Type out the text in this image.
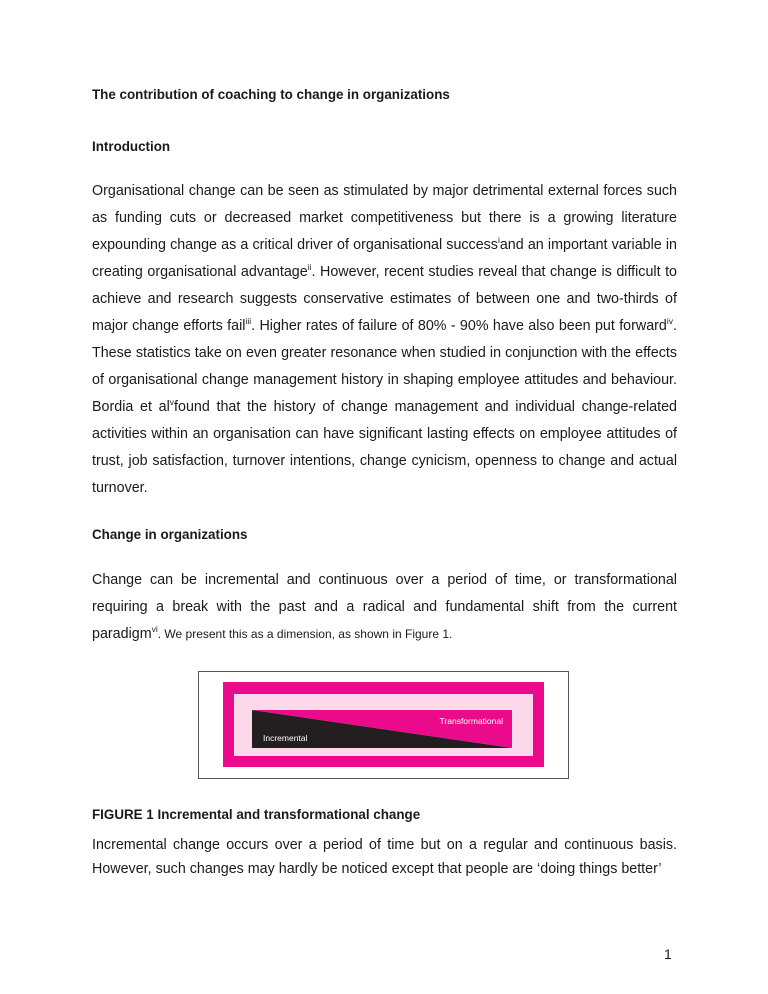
The contribution of coaching to change in organizations
Introduction

Organisational change can be seen as stimulated by major detrimental external forces such as funding cuts or decreased market competitiveness but there is a growing literature expounding change as a critical driver of organisational success$^i$and an important variable in creating organisational advantage$^{ii}$. However, recent studies reveal that change is difficult to achieve and research suggests conservative estimates of between one and two-thirds of major change efforts fail$^{iii}$. Higher rates of failure of 80% - 90% have also been put forward$^{iv}$. These statistics take on even greater resonance when studied in conjunction with the effects of organisational change management history in shaping employee attitudes and behaviour. Bordia et $al^vfound$ that the history of change management and individual change-related activities within an organisation can have significant lasting effects on employee attitudes of trust, job satisfaction, turnover intentions, change cynicism, openness to change and actual turnover.

Change in organizations

Change can be incremental and continuous over a period of time, or transformational requiring a break with the past and a radical and fundamental shift from the current paradigm$^{vi}$. We present this as a dimension, as shown in Figure 1.

Incremental
Transformational
FIGURE 1 Incremental and transformational change

Incremental change occurs over a period of time but on a regular and continuous basis. However, such changes may hardly be noticed except that people are ‘doing things better’

1
